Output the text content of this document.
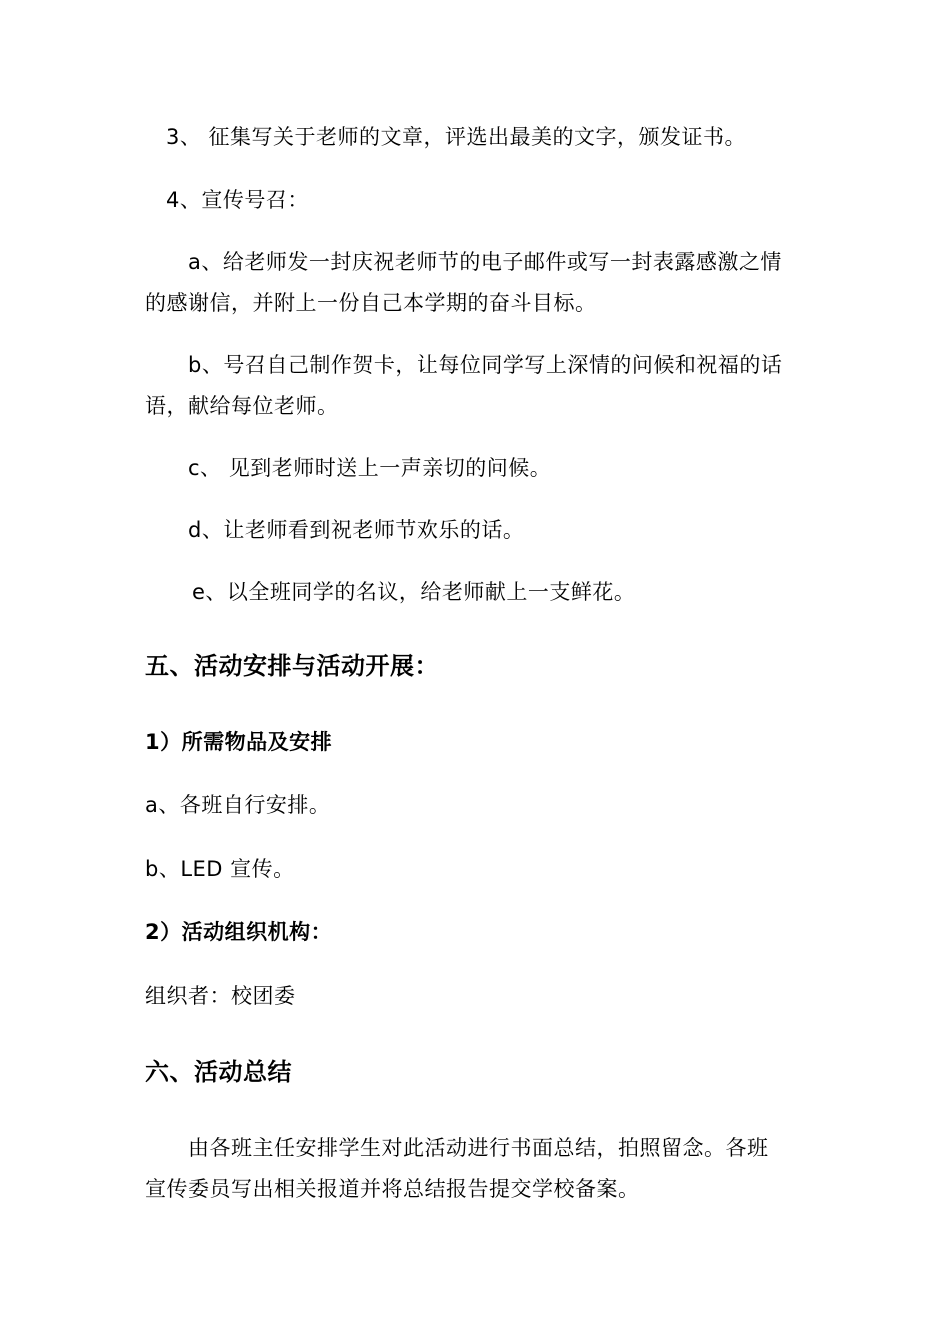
3、 征集写关于老师的文章，评选出最美的文字，颁发证书。
4、宣传号召：
a、给老师发一封庆祝老师节的电子邮件或写一封表露感激之情
的感谢信，并附上一份自己本学期的奋斗目标。
b、号召自己制作贺卡，让每位同学写上深情的问候和祝福的话
语，献给每位老师。
c、 见到老师时送上一声亲切的问候。
d、让老师看到祝老师节欢乐的话。
e、以全班同学的名议，给老师献上一支鲜花。
五、活动安排与活动开展：
1）所需物品及安排
a、各班自行安排。
b、LED 宣传。
2）活动组织机构：
组织者：校团委
六、活动总结
由各班主任安排学生对此活动进行书面总结，拍照留念。各班
宣传委员写出相关报道并将总结报告提交学校备案。
